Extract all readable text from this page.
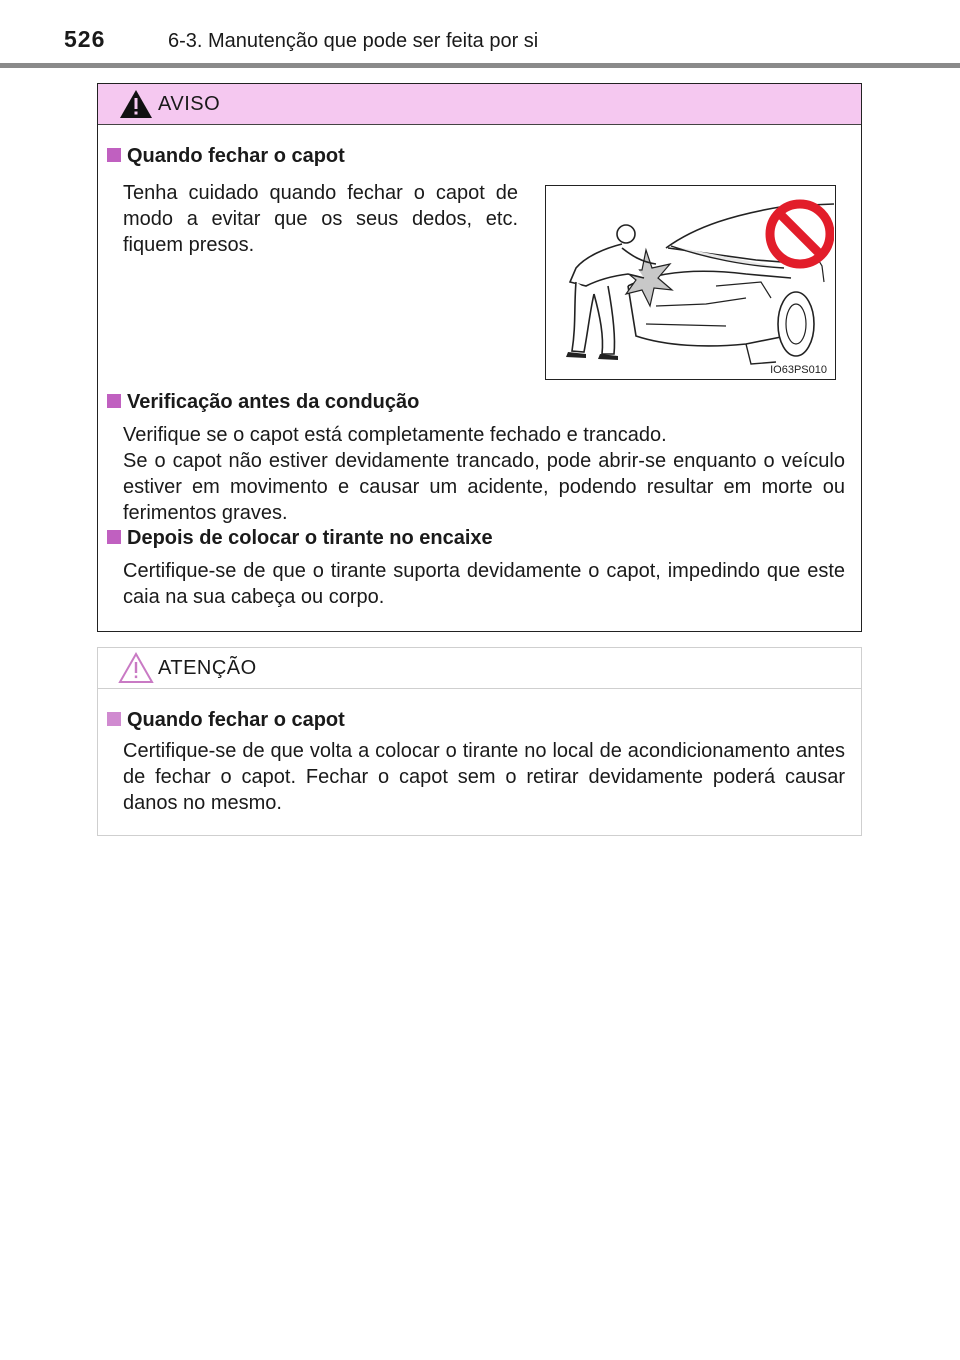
526	6-3. Manutenção que pode ser feita por si
AVISO
Quando fechar o capot
Tenha cuidado quando fechar o capot de modo a evitar que os seus dedos, etc. fiquem presos.
IO63PS010
Verificação antes da condução
Verifique se o capot está completamente fechado e trancado.
Se o capot não estiver devidamente trancado, pode abrir-se enquanto o veículo estiver em movimento e causar um acidente, podendo resultar em morte ou ferimentos graves.
Depois de colocar o tirante no encaixe
Certifique-se de que o tirante suporta devidamente o capot, impedindo que este caia na sua cabeça ou corpo.
ATENÇÃO
Quando fechar o capot
Certifique-se de que volta a colocar o tirante no local de acondicionamento antes de fechar o capot. Fechar o capot sem o retirar devidamente poderá causar danos no mesmo.
